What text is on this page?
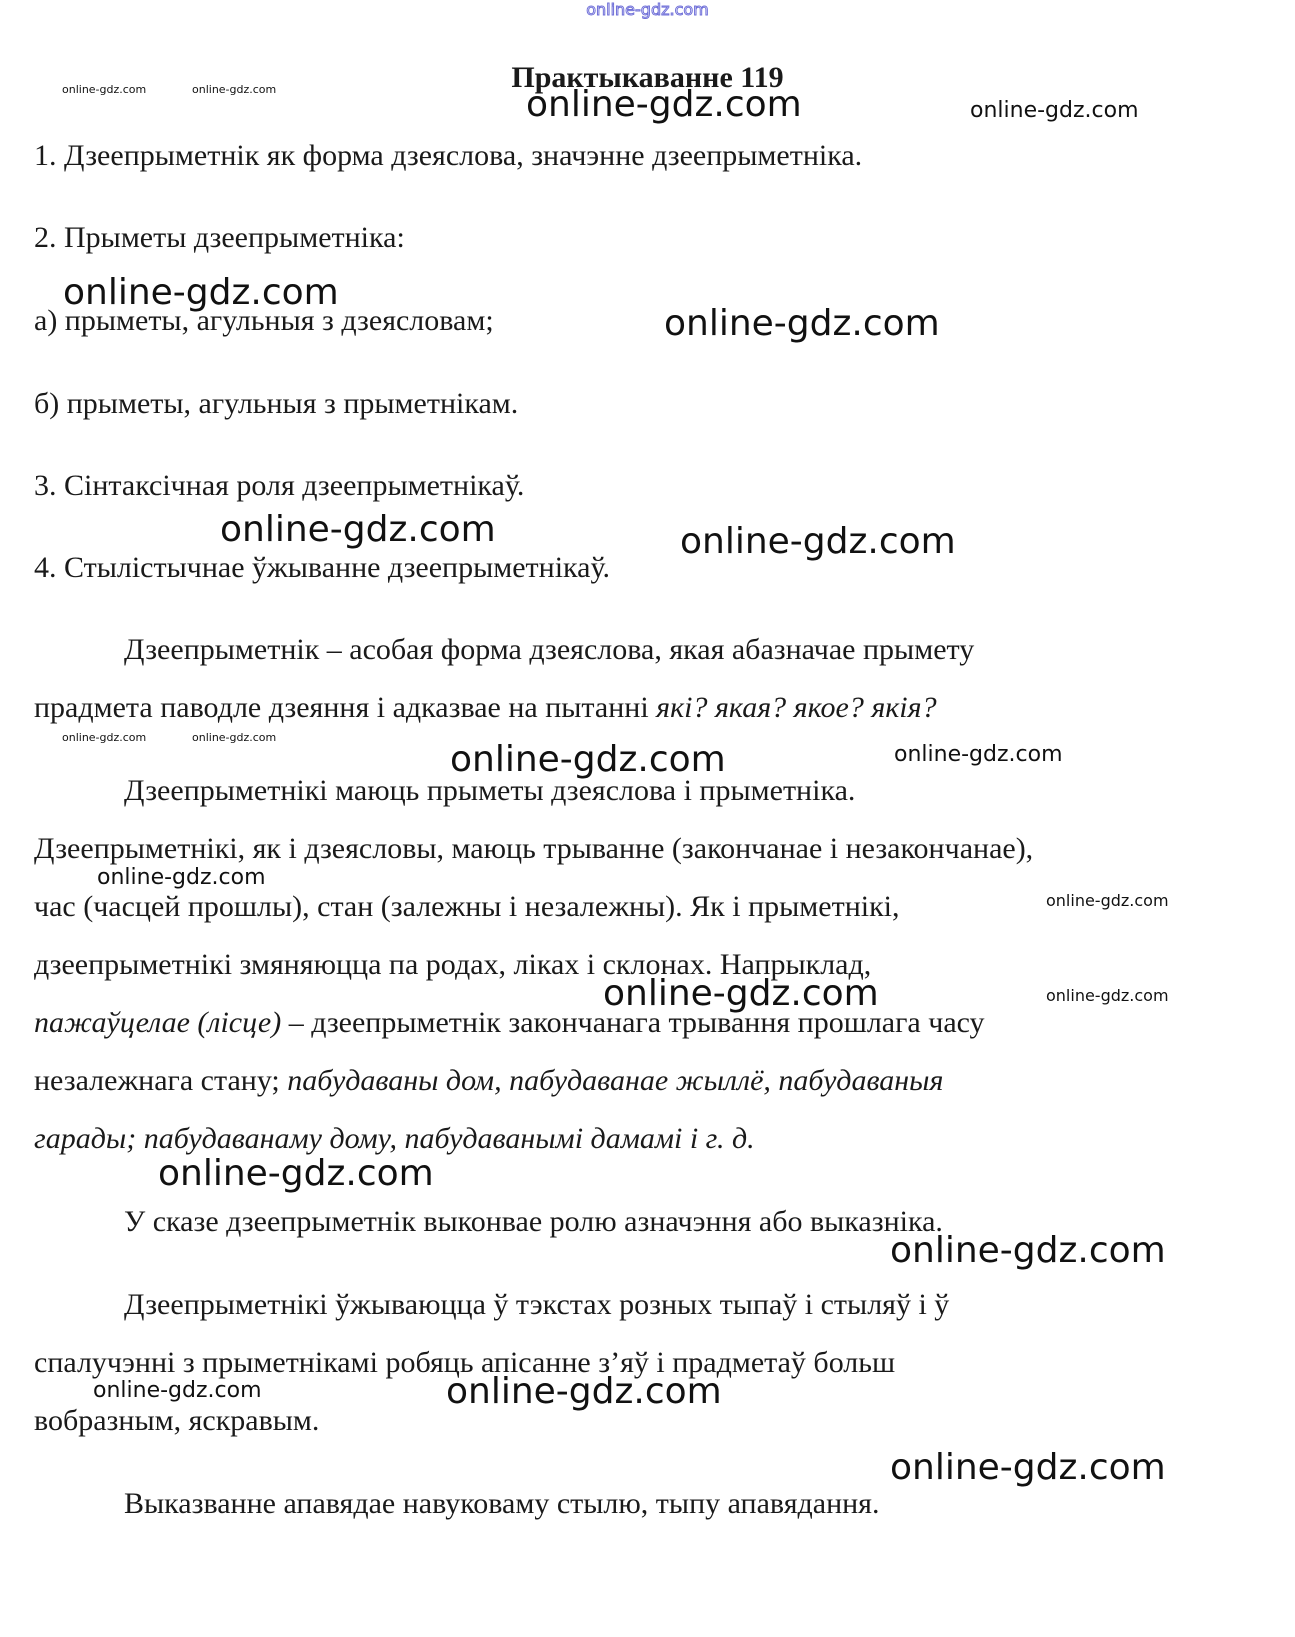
online-gdz.com
Практыкаванне 119
1. Дзеепрыметнік як форма дзеяслова, значэнне дзеепрыметніка.
2. Прыметы дзеепрыметніка:
а) прыметы, агульныя з дзеясловам;
б) прыметы, агульныя з прыметнікам.
3. Сінтаксічная роля дзеепрыметнікаў.
4. Стылістычнае ўжыванне дзеепрыметнікаў.
Дзеепрыметнік – асобая форма дзеяслова, якая абазначае прымету
прадмета паводле дзеяння і адказвае на пытанні які? якая? якое? якія?
Дзеепрыметнікі маюць прыметы дзеяслова і прыметніка.
Дзеепрыметнікі, як і дзеясловы, маюць трыванне (закончанае і незакончанае),
час (часцей прошлы), стан (залежны і незалежны). Як і прыметнікі,
дзеепрыметнікі змяняюцца па родах, ліках і склонах. Напрыклад,
пажаўцелае (лісце) – дзеепрыметнік закончанага трывання прошлага часу
незалежнага стану; пабудаваны дом, пабудаванае жыллё, пабудаваныя
гарады; пабудаванаму дому, пабудаванымі дамамі і г. д.
У сказе дзеепрыметнік выконвае ролю азначэння або выказніка.
Дзеепрыметнікі ўжываюцца ў тэкстах розных тыпаў і стыляў і ў
спалучэнні з прыметнікамі робяць апісанне з’яў і прадметаў больш
вобразным, яскравым.
Выказванне апавядае навуковаму стылю, тыпу апавядання.
online-gdz.com	online-gdz.com	online-gdz.com	online-gdz.com
online-gdz.com
online-gdz.com
online-gdz.com	online-gdz.com
online-gdz.com	online-gdz.com
online-gdz.com	online-gdz.com
online-gdz.com
online-gdz.com
online-gdz.com	online-gdz.com
online-gdz.com
online-gdz.com
online-gdz.com	online-gdz.com
online-gdz.com
